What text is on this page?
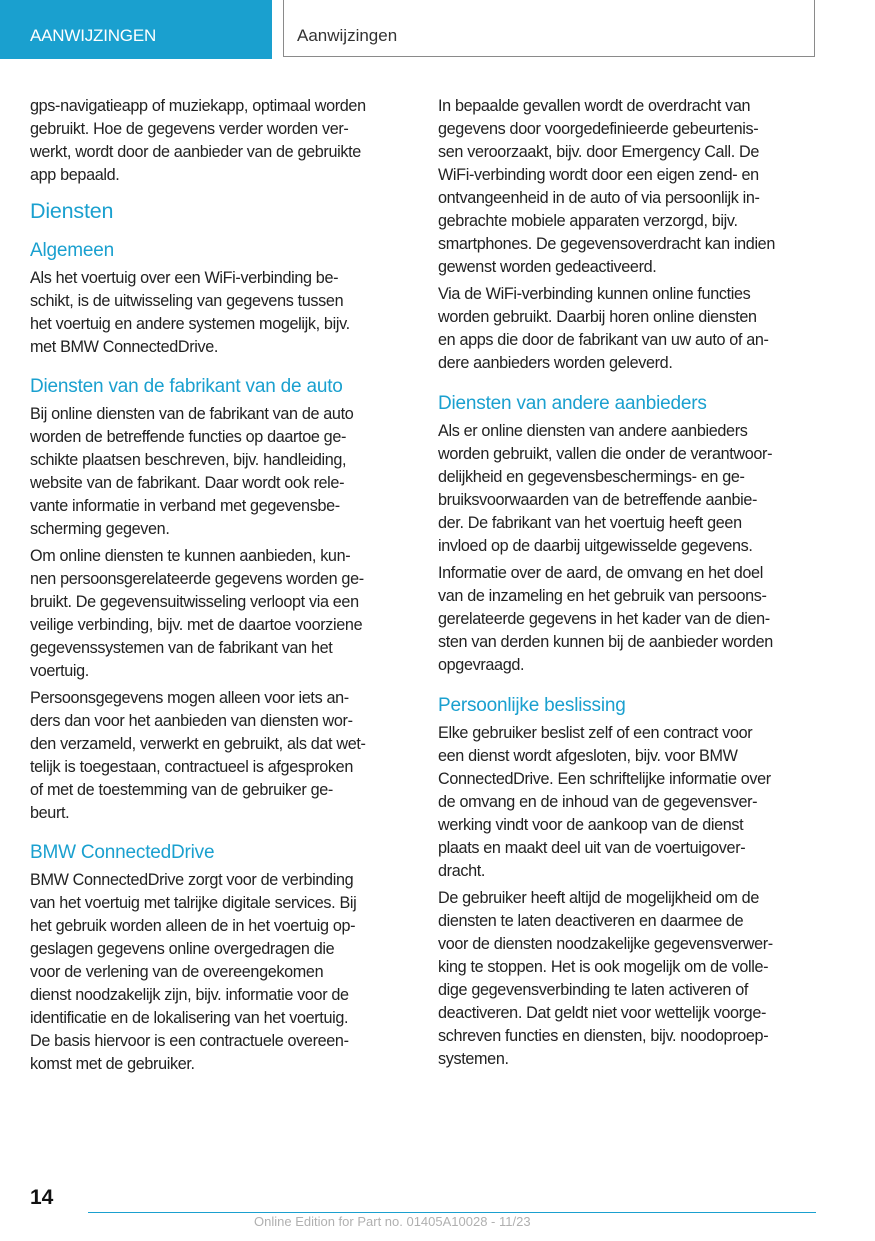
AANWIJZINGEN	Aanwijzingen

gps-navigatieapp of muziekapp, optimaal worden
gebruikt. Hoe de gegevens verder worden ver-
werkt, wordt door de aanbieder van de gebruikte
app bepaald.

Diensten
Algemeen

Als het voertuig over een WiFi-verbinding be-
schikt, is de uitwisseling van gegevens tussen
het voertuig en andere systemen mogelijk, bijv.
met BMW ConnectedDrive.

Diensten van de fabrikant van de auto

Bij online diensten van de fabrikant van de auto
worden de betreffende functies op daartoe ge-
schikte plaatsen beschreven, bijv. handleiding,
website van de fabrikant. Daar wordt ook rele-
vante informatie in verband met gegevensbe-
scherming gegeven.

Om online diensten te kunnen aanbieden, kun-
nen persoonsgerelateerde gegevens worden ge-
bruikt. De gegevensuitwisseling verloopt via een
veilige verbinding, bijv. met de daartoe voorziene
gegevenssystemen van de fabrikant van het
voertuig.

Persoonsgegevens mogen alleen voor iets an-
ders dan voor het aanbieden van diensten wor-
den verzameld, verwerkt en gebruikt, als dat wet-
telijk is toegestaan, contractueel is afgesproken
of met de toestemming van de gebruiker ge-
beurt.

BMW ConnectedDrive

BMW ConnectedDrive zorgt voor de verbinding
van het voertuig met talrijke digitale services. Bij
het gebruik worden alleen de in het voertuig op-
geslagen gegevens online overgedragen die
voor de verlening van de overeengekomen
dienst noodzakelijk zijn, bijv. informatie voor de
identificatie en de lokalisering van het voertuig.
De basis hiervoor is een contractuele overeen-
komst met de gebruiker.

In bepaalde gevallen wordt de overdracht van
gegevens door voorgedefinieerde gebeurtenis-
sen veroorzaakt, bijv. door Emergency Call. De
WiFi-verbinding wordt door een eigen zend- en
ontvangeenheid in de auto of via persoonlijk in-
gebrachte mobiele apparaten verzorgd, bijv.
smartphones. De gegevensoverdracht kan indien
gewenst worden gedeactiveerd.

Via de WiFi-verbinding kunnen online functies
worden gebruikt. Daarbij horen online diensten
en apps die door de fabrikant van uw auto of an-
dere aanbieders worden geleverd.

Diensten van andere aanbieders

Als er online diensten van andere aanbieders
worden gebruikt, vallen die onder de verantwoor-
delijkheid en gegevensbeschermings- en ge-
bruiksvoorwaarden van de betreffende aanbie-
der. De fabrikant van het voertuig heeft geen
invloed op de daarbij uitgewisselde gegevens.

Informatie over de aard, de omvang en het doel
van de inzameling en het gebruik van persoons-
gerelateerde gegevens in het kader van de dien-
sten van derden kunnen bij de aanbieder worden
opgevraagd.

Persoonlijke beslissing

Elke gebruiker beslist zelf of een contract voor
een dienst wordt afgesloten, bijv. voor BMW
ConnectedDrive. Een schriftelijke informatie over
de omvang en de inhoud van de gegevensver-
werking vindt voor de aankoop van de dienst
plaats en maakt deel uit van de voertuigover-
dracht.

De gebruiker heeft altijd de mogelijkheid om de
diensten te laten deactiveren en daarmee de
voor de diensten noodzakelijke gegevensverwer-
king te stoppen. Het is ook mogelijk om de volle-
dige gegevensverbinding te laten activeren of
deactiveren. Dat geldt niet voor wettelijk voorge-
schreven functies en diensten, bijv. noodoproep-
systemen.

14
Online Edition for Part no. 01405A10028 - 11/23
